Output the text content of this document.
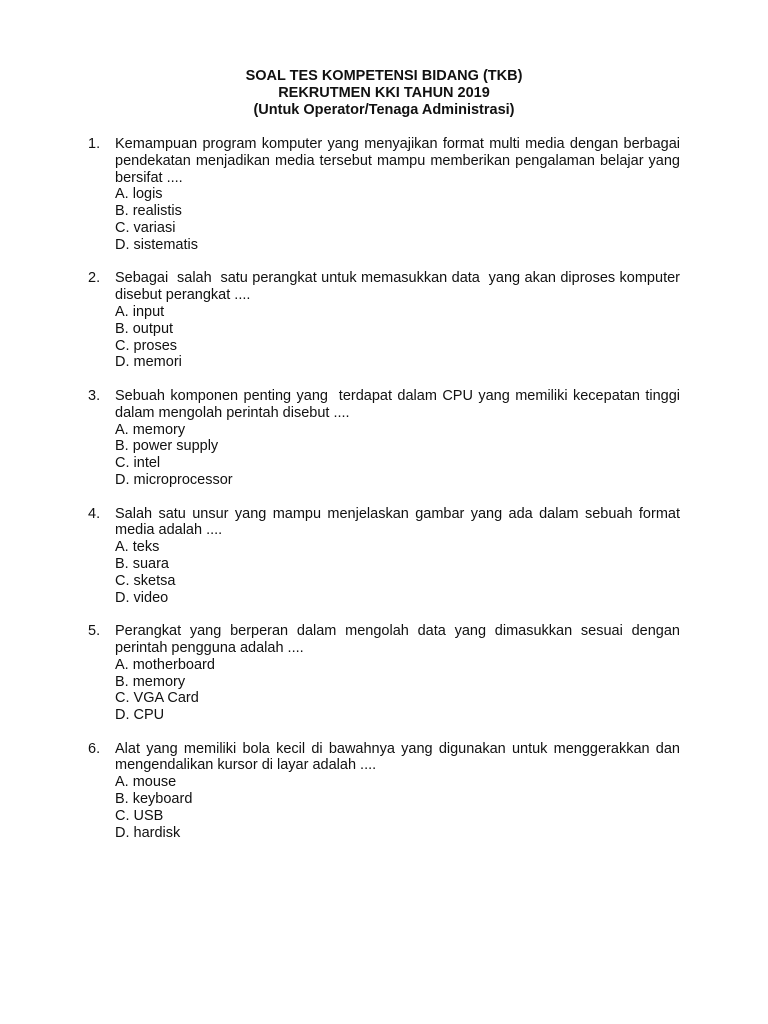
SOAL TES KOMPETENSI BIDANG (TKB)
REKRUTMEN KKI TAHUN 2019
(Untuk Operator/Tenaga Administrasi)
1. Kemampuan program komputer yang menyajikan format multi media dengan berbagai pendekatan menjadikan media tersebut mampu memberikan pengalaman belajar yang bersifat ....
A. logis
B. realistis
C. variasi
D. sistematis
2. Sebagai  salah  satu perangkat untuk memasukkan data  yang akan diproses komputer disebut perangkat ....
A. input
B. output
C. proses
D. memori
3. Sebuah komponen penting yang  terdapat dalam CPU yang memiliki kecepatan tinggi dalam mengolah perintah disebut ....
A. memory
B. power supply
C. intel
D. microprocessor
4. Salah satu unsur yang mampu menjelaskan gambar yang ada dalam sebuah format media adalah ....
A. teks
B. suara
C. sketsa
D. video
5. Perangkat yang berperan dalam mengolah data yang dimasukkan sesuai dengan perintah pengguna adalah ....
A. motherboard
B. memory
C. VGA Card
D. CPU
6. Alat yang memiliki bola kecil di bawahnya yang digunakan untuk menggerakkan dan mengendalikan kursor di layar adalah ....
A. mouse
B. keyboard
C. USB
D. hardisk
